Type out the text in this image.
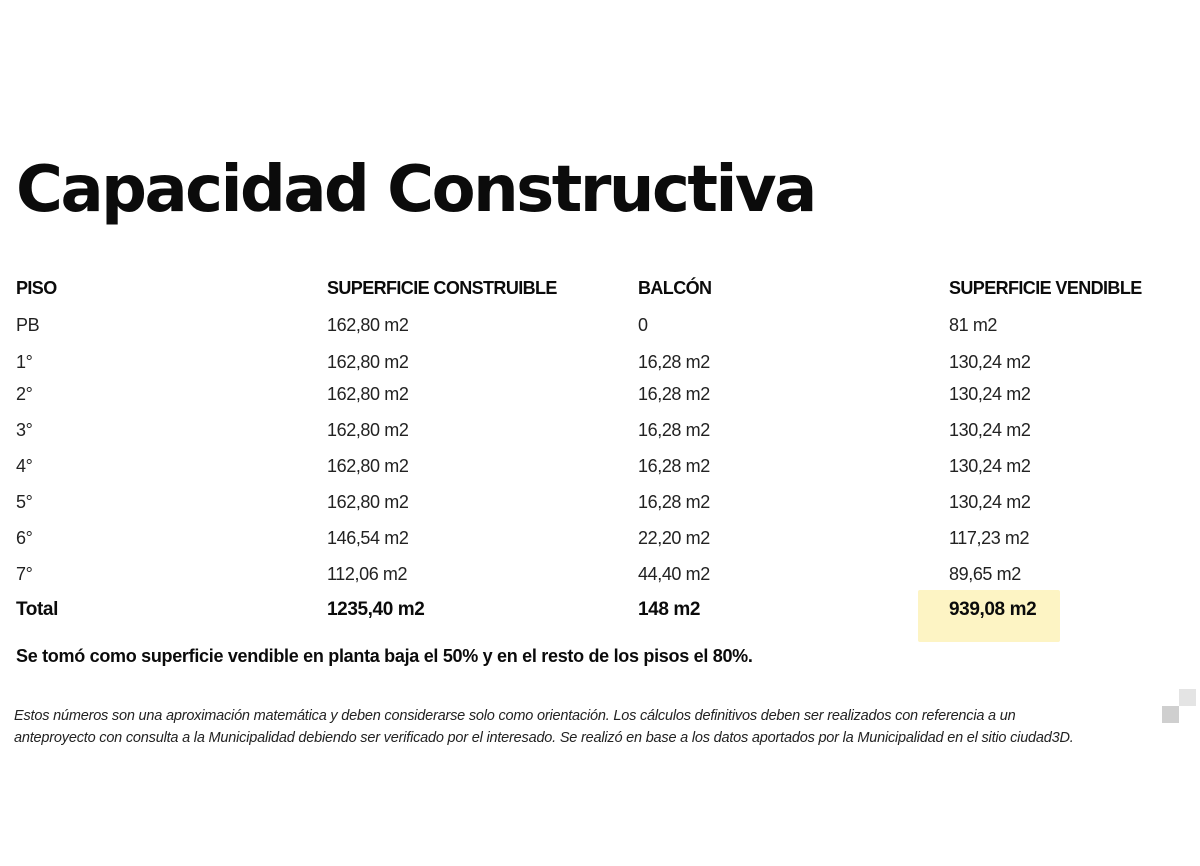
Capacidad Constructiva
PISO	SUPERFICIE CONSTRUIBLE	BALCÓN	SUPERFICIE VENDIBLE
PB	162,80 m2	0	81 m2
1°	162,80 m2	16,28 m2	130,24 m2
2°	162,80 m2	16,28 m2	130,24 m2
3°	162,80 m2	16,28 m2	130,24 m2
4°	162,80 m2	16,28 m2	130,24 m2
5°	162,80 m2	16,28 m2	130,24 m2
6°	146,54 m2	22,20 m2	117,23 m2
7°	112,06 m2	44,40 m2	89,65 m2
Total	1235,40 m2	148 m2	939,08 m2

Se tomó como superficie vendible en planta baja el 50% y en el resto de los pisos el 80%.

Estos números son una aproximación matemática y deben considerarse solo como orientación. Los cálculos definitivos deben ser realizados con referencia a un
anteproyecto con consulta a la Municipalidad debiendo ser verificado por el interesado. Se realizó en base a los datos aportados por la Municipalidad en el sitio ciudad3D.
